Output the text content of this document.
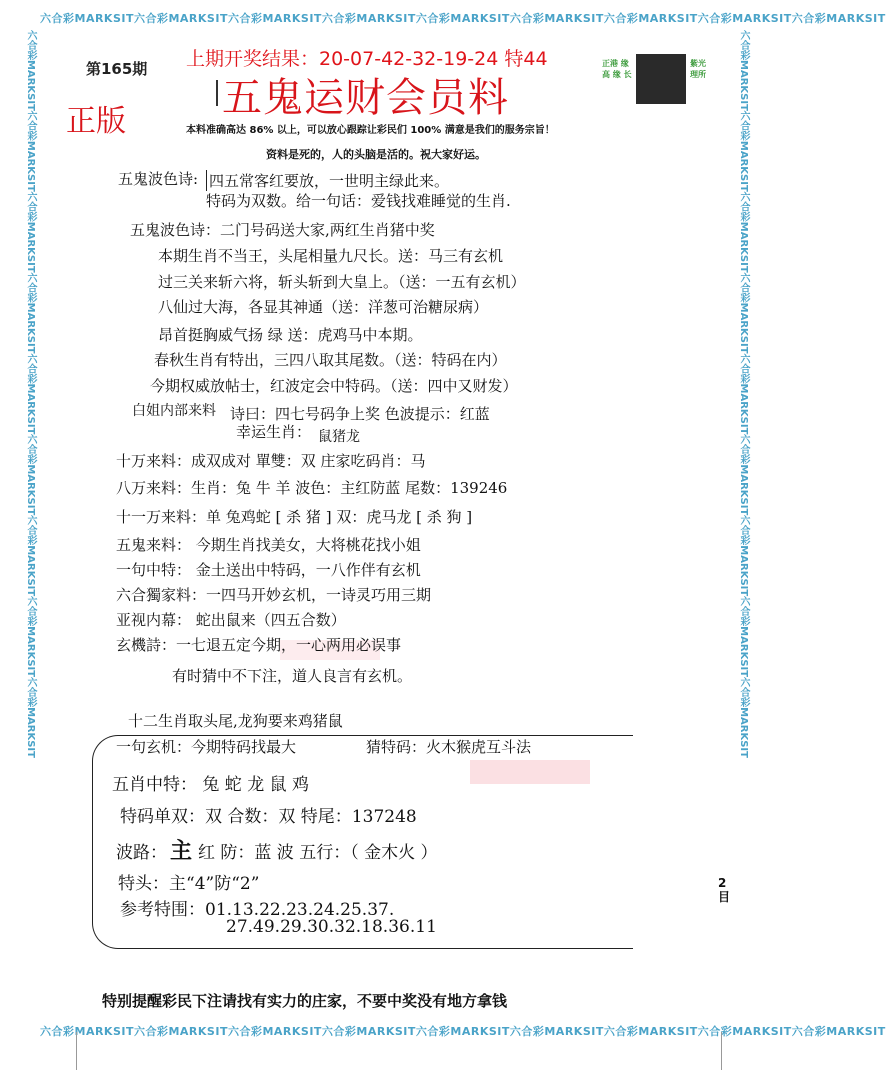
六合彩MARKSIT六合彩MARKSIT六合彩MARKSIT六合彩MARKSIT六合彩MARKSIT六合彩MARKSIT六合彩MARKSIT六合彩MARKSIT六合彩MARKSIT
六合彩MARKSIT六合彩MARKSIT六合彩MARKSIT六合彩MARKSIT六合彩MARKSIT六合彩MARKSIT六合彩MARKSIT六合彩MARKSIT六合彩MARKSIT	六合彩MARKSIT六合彩MARKSIT六合彩MARKSIT六合彩MARKSIT六合彩MARKSIT六合彩MARKSIT六合彩MARKSIT六合彩MARKSIT六合彩MARKSIT
六合彩MARKSIT六合彩MARKSIT六合彩MARKSIT六合彩MARKSIT六合彩MARKSIT六合彩MARKSIT六合彩MARKSIT六合彩MARKSIT六合彩MARKSIT
第165期 上期开奖结果：20-07-42-32-19-24 特44
五鬼运财会员料
正版
正港 缘高 缘 长
紫光 理所
本料准确高达 86% 以上，可以放心跟踪让彩民们 100% 满意是我们的服务宗旨！
资料是死的，人的头脑是活的。祝大家好运。
五鬼波色诗: 四五常客红要放，一世明主绿此来。
特码为双数。给一句话：爱钱找难睡觉的生肖.
五鬼波色诗：二门号码送大家,两红生肖猪中奖
本期生肖不当王，头尾相量九尺长。送：马三有玄机
过三关来斩六将，斩头斩到大皇上。（送：一五有玄机）
八仙过大海，各显其神通（送：洋葱可治糖尿病）
昂首挺胸威气扬 绿 送：虎鸡马中本期。
春秋生肖有特出，三四八取其尾数。（送：特码在内）
今期权威放帖士，红波定会中特码。（送：四中又财发）
白姐内部来料 诗曰：四七号码争上奖 色波提示：红蓝
幸运生肖： 鼠猪龙
十万来料：成双成对 單雙：双 庄家吃码肖：马
八万来料：生肖：兔 牛 羊 波色：主红防蓝 尾数：139246
十一万来料：单 兔鸡蛇 [ 杀 猪 ] 双：虎马龙 [ 杀 狗 ]
五鬼来料： 今期生肖找美女，大将桃花找小姐
一句中特： 金土送出中特码，一八作伴有玄机
六合獨家料：一四马开妙玄机，一诗灵巧用三期
亚视内幕： 蛇出鼠来（四五合数）
玄機詩：一七退五定今期，一心两用必误事
有时猜中不下注，道人良言有玄机。
十二生肖取头尾,龙狗要来鸡猪鼠
一句玄机：今期特码找最大	猜特码：火木猴虎互斗法
五肖中特： 兔 蛇 龙 鼠 鸡
特码单双：双 合数：双 特尾：137248
波路： 主 红 防：蓝 波 五行：（ 金木火 ）
特头：主“4”防“2”
参考特围：01.13.22.23.24.25.37.
27.49.29.30.32.18.36.11
2
目
特别提醒彩民下注请找有实力的庄家，不要中奖没有地方拿钱
